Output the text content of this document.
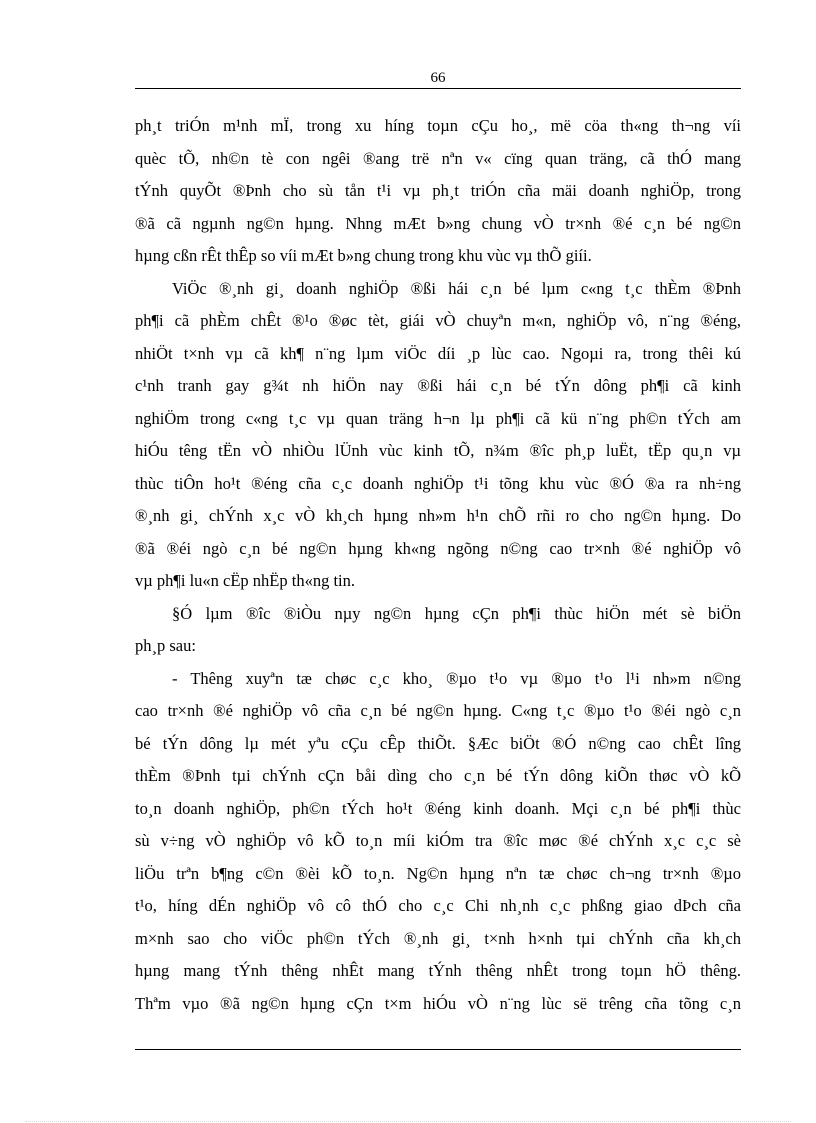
66
ph¸t triÓn m¹nh mÏ, trong xu híng toµn cÇu ho¸, më cöa th«ng th¬ng víi
quèc tÕ, nh©n tè con ngêi ®ang trë nªn v« cïng quan träng, cã thÓ mang
tÝnh quyÕt ®Þnh cho sù tån t¹i vµ ph¸t triÓn cña mäi doanh nghiÖp, trong
®ã cã ngµnh ng©n hµng. Nhng mÆt b»ng chung vÒ tr×nh ®é c¸n bé ng©n
hµng cßn rÊt thÊp so víi mÆt b»ng chung trong khu vùc vµ thÕ giíi.
ViÖc ®¸nh gi¸ doanh nghiÖp ®ßi hái c¸n bé lµm c«ng t¸c thÈm ®Þnh
ph¶i cã phÈm chÊt ®¹o ®øc tèt, giái vÒ chuyªn m«n, nghiÖp vô, n¨ng ®éng,
nhiÖt t×nh vµ cã kh¶ n¨ng lµm viÖc díi ¸p lùc cao. Ngoµi ra, trong thêi kú
c¹nh tranh gay g¾t nh hiÖn nay ®ßi hái c¸n bé tÝn dông ph¶i cã kinh
nghiÖm trong c«ng t¸c vµ quan träng h¬n lµ ph¶i cã kü n¨ng ph©n tÝch am
hiÓu têng tËn vÒ nhiÒu lÜnh vùc kinh tÕ, n¾m ®îc ph¸p luËt, tËp qu¸n vµ
thùc tiÔn ho¹t ®éng cña c¸c doanh nghiÖp t¹i tõng khu vùc ®Ó ®a ra nh÷ng
®¸nh gi¸ chÝnh x¸c vÒ kh¸ch hµng nh»m h¹n chÕ rñi ro cho ng©n hµng. Do
®ã ®éi ngò c¸n bé ng©n hµng kh«ng ngõng n©ng cao tr×nh ®é nghiÖp vô
vµ ph¶i lu«n cËp nhËp th«ng tin.
§Ó lµm ®îc ®iÒu nµy ng©n hµng cÇn ph¶i thùc hiÖn mét sè biÖn
ph¸p sau:
- Thêng xuyªn tæ chøc c¸c kho¸ ®µo t¹o vµ ®µo t¹o l¹i nh»m n©ng
cao tr×nh ®é nghiÖp vô cña c¸n bé ng©n hµng. C«ng t¸c ®µo t¹o ®éi ngò c¸n
bé tÝn dông lµ mét yªu cÇu cÊp thiÕt. §Æc biÖt ®Ó n©ng cao chÊt lîng
thÈm ®Þnh tµi chÝnh cÇn båi dìng cho c¸n bé tÝn dông kiÕn thøc vÒ kÕ
to¸n doanh nghiÖp, ph©n tÝch ho¹t ®éng kinh doanh. Mçi c¸n bé ph¶i thùc
sù v÷ng vÒ nghiÖp vô kÕ to¸n míi kiÓm tra ®îc møc ®é chÝnh x¸c c¸c sè
liÖu trªn b¶ng c©n ®èi kÕ to¸n. Ng©n hµng nªn tæ chøc ch¬ng tr×nh ®µo
t¹o, híng dÉn nghiÖp vô cô thÓ cho c¸c Chi nh¸nh c¸c phßng giao dÞch cña
m×nh sao cho viÖc ph©n tÝch ®¸nh gi¸ t×nh h×nh tµi chÝnh cña kh¸ch
hµng mang tÝnh thêng nhÊt mang tÝnh thêng nhÊt trong toµn hÖ thêng.
Thªm vµo ®ã ng©n hµng cÇn t×m hiÓu vÒ n¨ng lùc së trêng cña tõng c¸n
